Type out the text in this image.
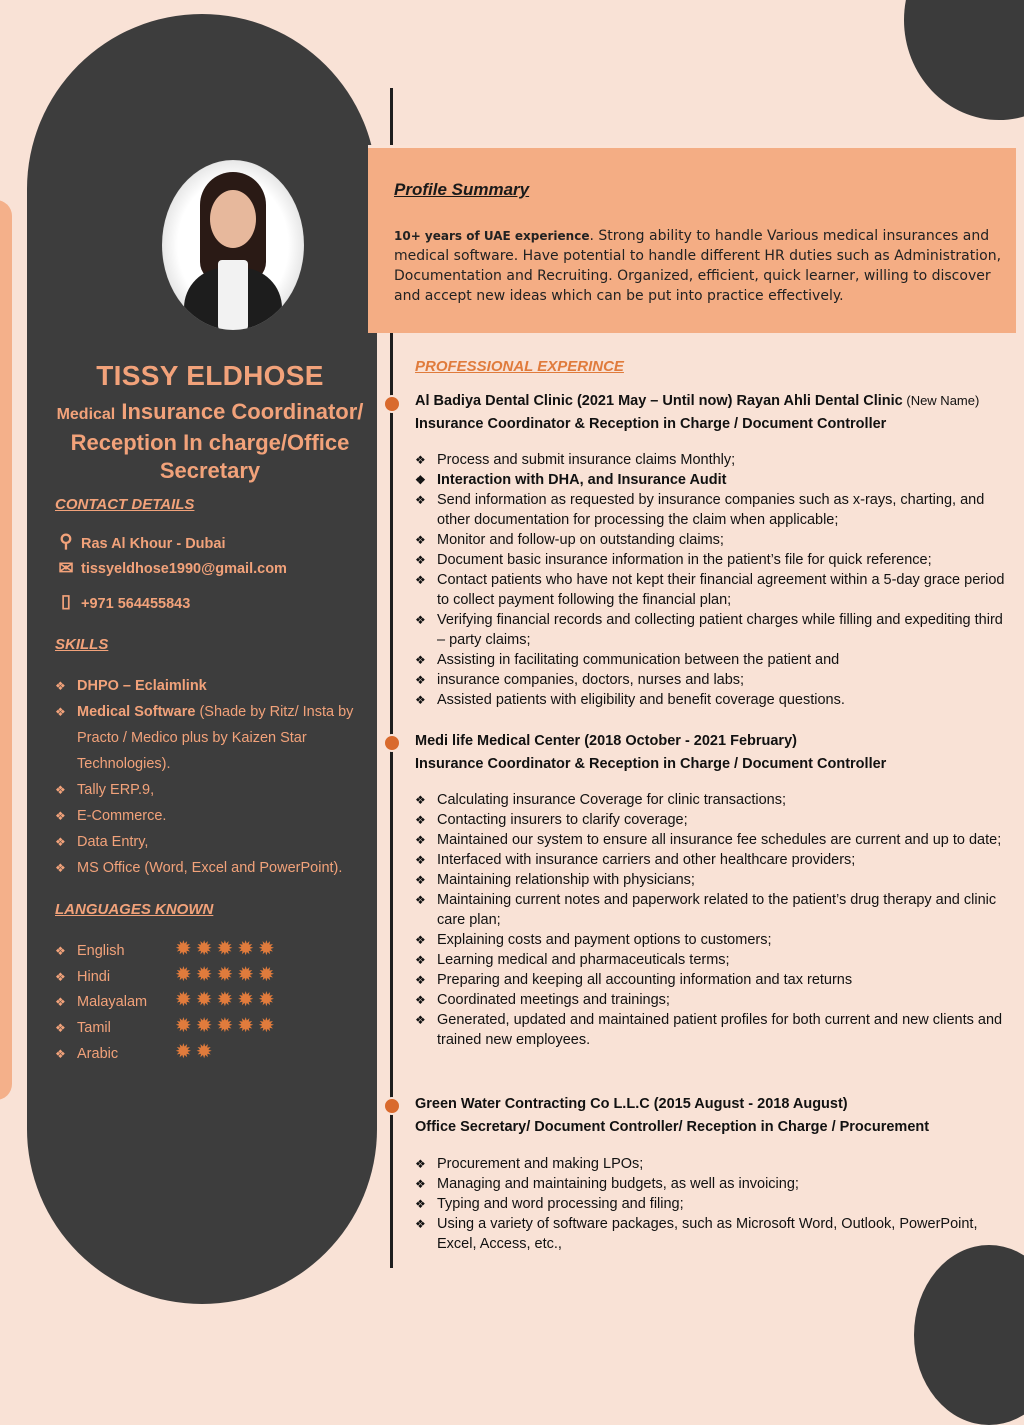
TISSY ELDHOSE
Medical Insurance Coordinator/ Reception In charge/Office Secretary
CONTACT DETAILS
⚲ Ras Al Khour - Dubai
✉ tissyeldhose1990@gmail.com
▯ +971 564455843
SKILLS
❖ DHPO – Eclaimlink
❖ Medical Software (Shade by Ritz/ Insta by Practo / Medico plus by Kaizen Star Technologies).
❖ Tally ERP.9,
❖ E-Commerce.
❖ Data Entry,
❖ MS Office (Word, Excel and PowerPoint).
LANGUAGES KNOWN
❖ English	✹✹✹✹✹
❖ Hindi	✹✹✹✹✹
❖ Malayalam ✹✹✹✹✹
❖ Tamil	✹✹✹✹✹
❖ Arabic	✹✹
Profile Summary
10+ years of UAE experience. Strong ability to handle Various medical insurances and medical software. Have potential to handle different HR duties such as Administration, Documentation and Recruiting. Organized, efficient, quick learner, willing to discover and accept new ideas which can be put into practice effectively.
PROFESSIONAL EXPERINCE
Al Badiya Dental Clinic (2021 May – Until now) Rayan Ahli Dental Clinic (New Name)
Insurance Coordinator & Reception in Charge / Document Controller
❖ Process and submit insurance claims Monthly;
❖ Interaction with DHA, and Insurance Audit
❖ Send information as requested by insurance companies such as x-rays, charting, and other documentation for processing the claim when applicable;
❖ Monitor and follow-up on outstanding claims;
❖ Document basic insurance information in the patient’s file for quick reference;
❖ Contact patients who have not kept their financial agreement within a 5-day grace period to collect payment following the financial plan;
❖ Verifying financial records and collecting patient charges while filling and expediting third – party claims;
❖ Assisting in facilitating communication between the patient and
❖ insurance companies, doctors, nurses and labs;
❖ Assisted patients with eligibility and benefit coverage questions.
Medi life Medical Center (2018 October - 2021 February)
Insurance Coordinator & Reception in Charge / Document Controller
❖ Calculating insurance Coverage for clinic transactions;
❖ Contacting insurers to clarify coverage;
❖ Maintained our system to ensure all insurance fee schedules are current and up to date;
❖ Interfaced with insurance carriers and other healthcare providers;
❖ Maintaining relationship with physicians;
❖ Maintaining current notes and paperwork related to the patient’s drug therapy and clinic care plan;
❖ Explaining costs and payment options to customers;
❖ Learning medical and pharmaceuticals terms;
❖ Preparing and keeping all accounting information and tax returns
❖ Coordinated meetings and trainings;
❖ Generated, updated and maintained patient profiles for both current and new clients and trained new employees.
Green Water Contracting Co L.L.C (2015 August - 2018 August)
Office Secretary/ Document Controller/ Reception in Charge / Procurement
❖ Procurement and making LPOs;
❖ Managing and maintaining budgets, as well as invoicing;
❖ Typing and word processing and filing;
❖ Using a variety of software packages, such as Microsoft Word, Outlook, PowerPoint, Excel, Access, etc.,
